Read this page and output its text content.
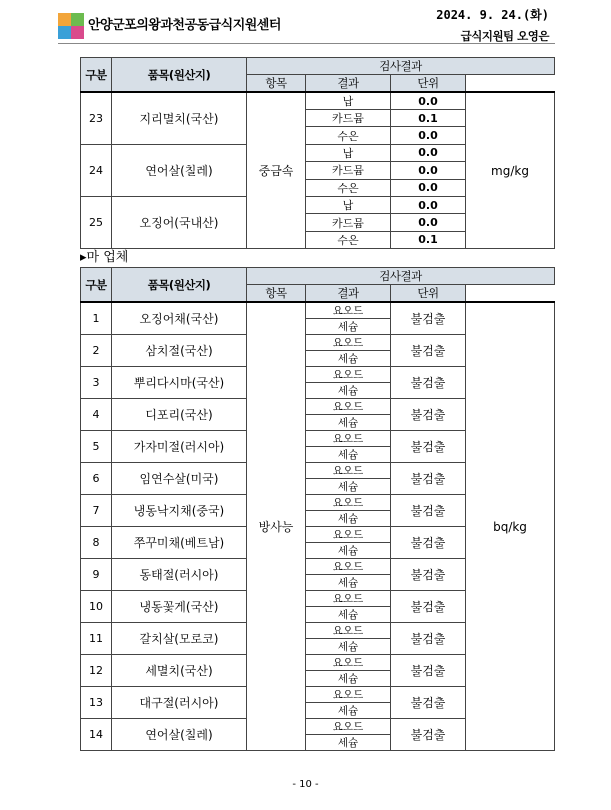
안양군포의왕과천공동급식지원센터
2024. 9. 24.(화)
급식지원팀 오영은
구분	품목(원산지)	검사결과			
		항목	결과	단위	
23	지리멸치(국산)	중금속	납	0.0	mg/kg
			카드뮴	0.1	
			수은	0.0	
24	연어살(칠레)		납	0.0	
			카드뮴	0.0	
			수은	0.0	
25	오징어(국내산)		납	0.0	
			카드뮴	0.0	
			수은	0.1	
▸마 업체
구분	품목(원산지)	검사결과			
		항목	결과	단위	
1	오징어채(국산)	방사능	요오드	불검출	bq/kg
			세슘		
2	삼치절(국산)		요오드	불검출	
			세슘		
3	뿌리다시마(국산)		요오드	불검출	
			세슘		
4	디포리(국산)		요오드	불검출	
			세슘		
5	가자미절(러시아)		요오드	불검출	
			세슘		
6	임연수살(미국)		요오드	불검출	
			세슘		
7	냉동낙지채(중국)		요오드	불검출	
			세슘		
8	쭈꾸미채(베트남)		요오드	불검출	
			세슘		
9	동태절(러시아)		요오드	불검출	
			세슘		
10	냉동꽃게(국산)		요오드	불검출	
			세슘		
11	갈치살(모로코)		요오드	불검출	
			세슘		
12	세멸치(국산)		요오드	불검출	
			세슘		
13	대구절(러시아)		요오드	불검출	
			세슘		
14	연어살(칠레)		요오드	불검출	
			세슘		
- 10 -
